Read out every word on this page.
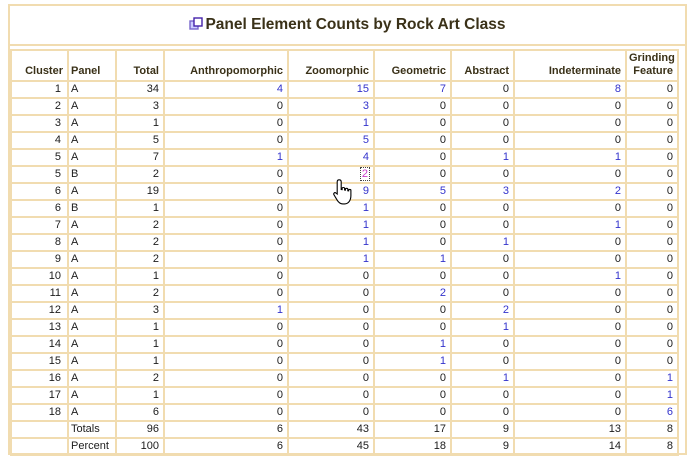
Panel Element Counts by Rock Art Class
Cluster	Panel	Total	Anthropomorphic	Zoomorphic	Geometric	Abstract	Indeterminate	Grinding Feature
1	A	34	4	15	7	0	8	0
2	A	3	0	3	0	0	0	0
3	A	1	0	1	0	0	0	0
4	A	5	0	5	0	0	0	0
5	A	7	1	4	0	1	1	0
5	B	2	0	2	0	0	0	0
6	A	19	0	9	5	3	2	0
6	B	1	0	1	0	0	0	0
7	A	2	0	1	0	0	1	0
8	A	2	0	1	0	1	0	0
9	A	2	0	1	1	0	0	0
10	A	1	0	0	0	0	1	0
11	A	2	0	0	2	0	0	0
12	A	3	1	0	0	2	0	0
13	A	1	0	0	0	1	0	0
14	A	1	0	0	1	0	0	0
15	A	1	0	0	1	0	0	0
16	A	2	0	0	0	1	0	1
17	A	1	0	0	0	0	0	1
18	A	6	0	0	0	0	0	6
	Totals	96	6	43	17	9	13	8
	Percent	100	6	45	18	9	14	8
